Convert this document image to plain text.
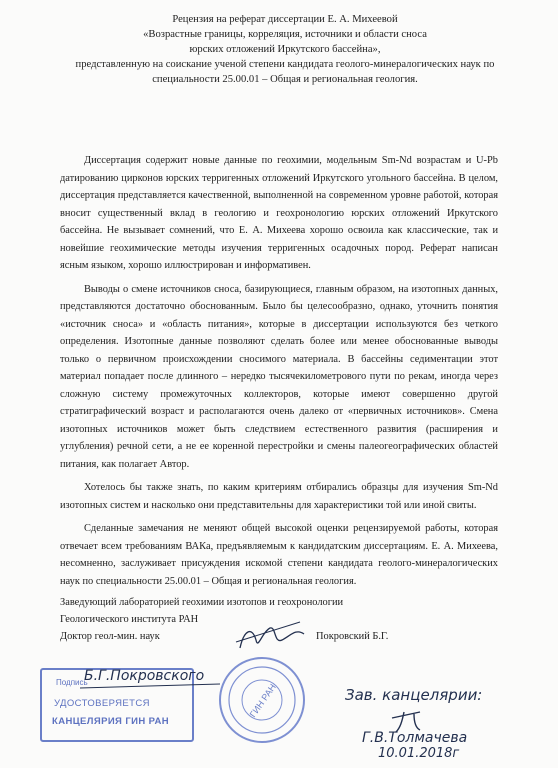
Рецензия на реферат диссертации Е. А. Михеевой
«Возрастные границы, корреляция, источники и области сноса
юрских отложений Иркутского бассейна»,
представленную на соискание ученой степени кандидата геолого-минералогических наук по
специальности 25.00.01 – Общая и региональная геология.

Диссертация содержит новые данные по геохимии, модельным Sm-Nd возрастам и U-Pb датированию цирконов юрских терригенных отложений Иркутского угольного бассейна. В целом, диссертация представляется качественной, выполненной на современном уровне работой, которая вносит существенный вклад в геологию и геохронологию юрских отложений Иркутского бассейна. Не вызывает сомнений, что Е. А. Михеева хорошо освоила как классические, так и новейшие геохимические методы изучения терригенных осадочных пород. Реферат написан ясным языком, хорошо иллюстрирован и информативен.

Выводы о смене источников сноса, базирующиеся, главным образом, на изотопных данных, представляются достаточно обоснованным. Было бы целесообразно, однако, уточнить понятия «источник сноса» и «область питания», которые в диссертации используются без четкого определения. Изотопные данные позволяют сделать более или менее обоснованные выводы только о первичном происхождении сносимого материала. В бассейны седиментации этот материал попадает после длинного – нередко тысячекилометрового пути по рекам, иногда через сложную систему промежуточных коллекторов, которые имеют совершенно другой стратиграфический возраст и располагаются очень далеко от «первичных источников». Смена изотопных источников может быть следствием естественного развития (расширения и углубления) речной сети, а не ее коренной перестройки и смены палеогеографических областей питания, как полагает Автор.

Хотелось бы также знать, по каким критериям отбирались образцы для изучения Sm-Nd изотопных систем и насколько они представительны для характеристики той или иной свиты.

Сделанные замечания не меняют общей высокой оценки рецензируемой работы, которая отвечает всем требованиям ВАКа, предъявляемым к кандидатским диссертациям. Е. А. Михеева, несомненно, заслуживает присуждения искомой степени кандидата геолого-минералогических наук по специальности 25.00.01 – Общая и региональная геология.

Заведующий лабораторией геохимии изотопов и геохронологии
Геологического института РАН
Доктор геол-мин. наук	Покровский Б.Г.
ГИН РАН
Подпись
УДОСТОВЕРЯЕТСЯ
КАНЦЕЛЯРИЯ ГИН РАН
Б.Г.Покровского
Зав. канцелярии:
Г.В.Толмачева
10.01.2018г
